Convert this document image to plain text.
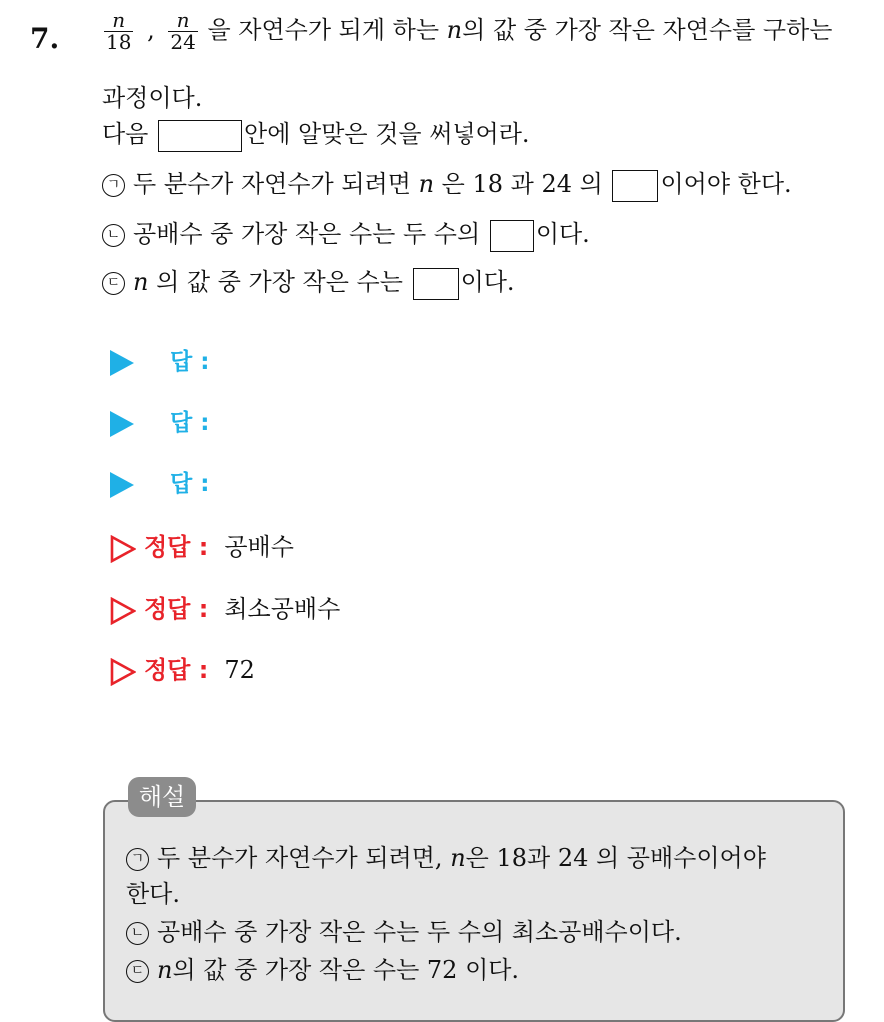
7. $\frac{n}{18}$ , $\frac{n}{24}$ 을 자연수가 되게 하는 n의 값 중 가장 작은 자연수를 구하는
과정이다.
다음	안에 알맞은 것을 써넣어라.
ㄱ 두 분수가 자연수가 되려면 n 은 18 과 24 의 이어야 한다.
ㄴ 공배수 중 가장 작은 수는 두 수의 이다.
ㄷ n 의 값 중 가장 작은 수는 이다.
답 :
답 :
답 :
정답 : 공배수
정답 : 최소공배수
정답 : 72
해설
ㄱ 두 분수가 자연수가 되려면, n은 18과 24 의 공배수이어야
한다.
ㄴ 공배수 중 가장 작은 수는 두 수의 최소공배수이다.
ㄷ n의 값 중 가장 작은 수는 72 이다.
